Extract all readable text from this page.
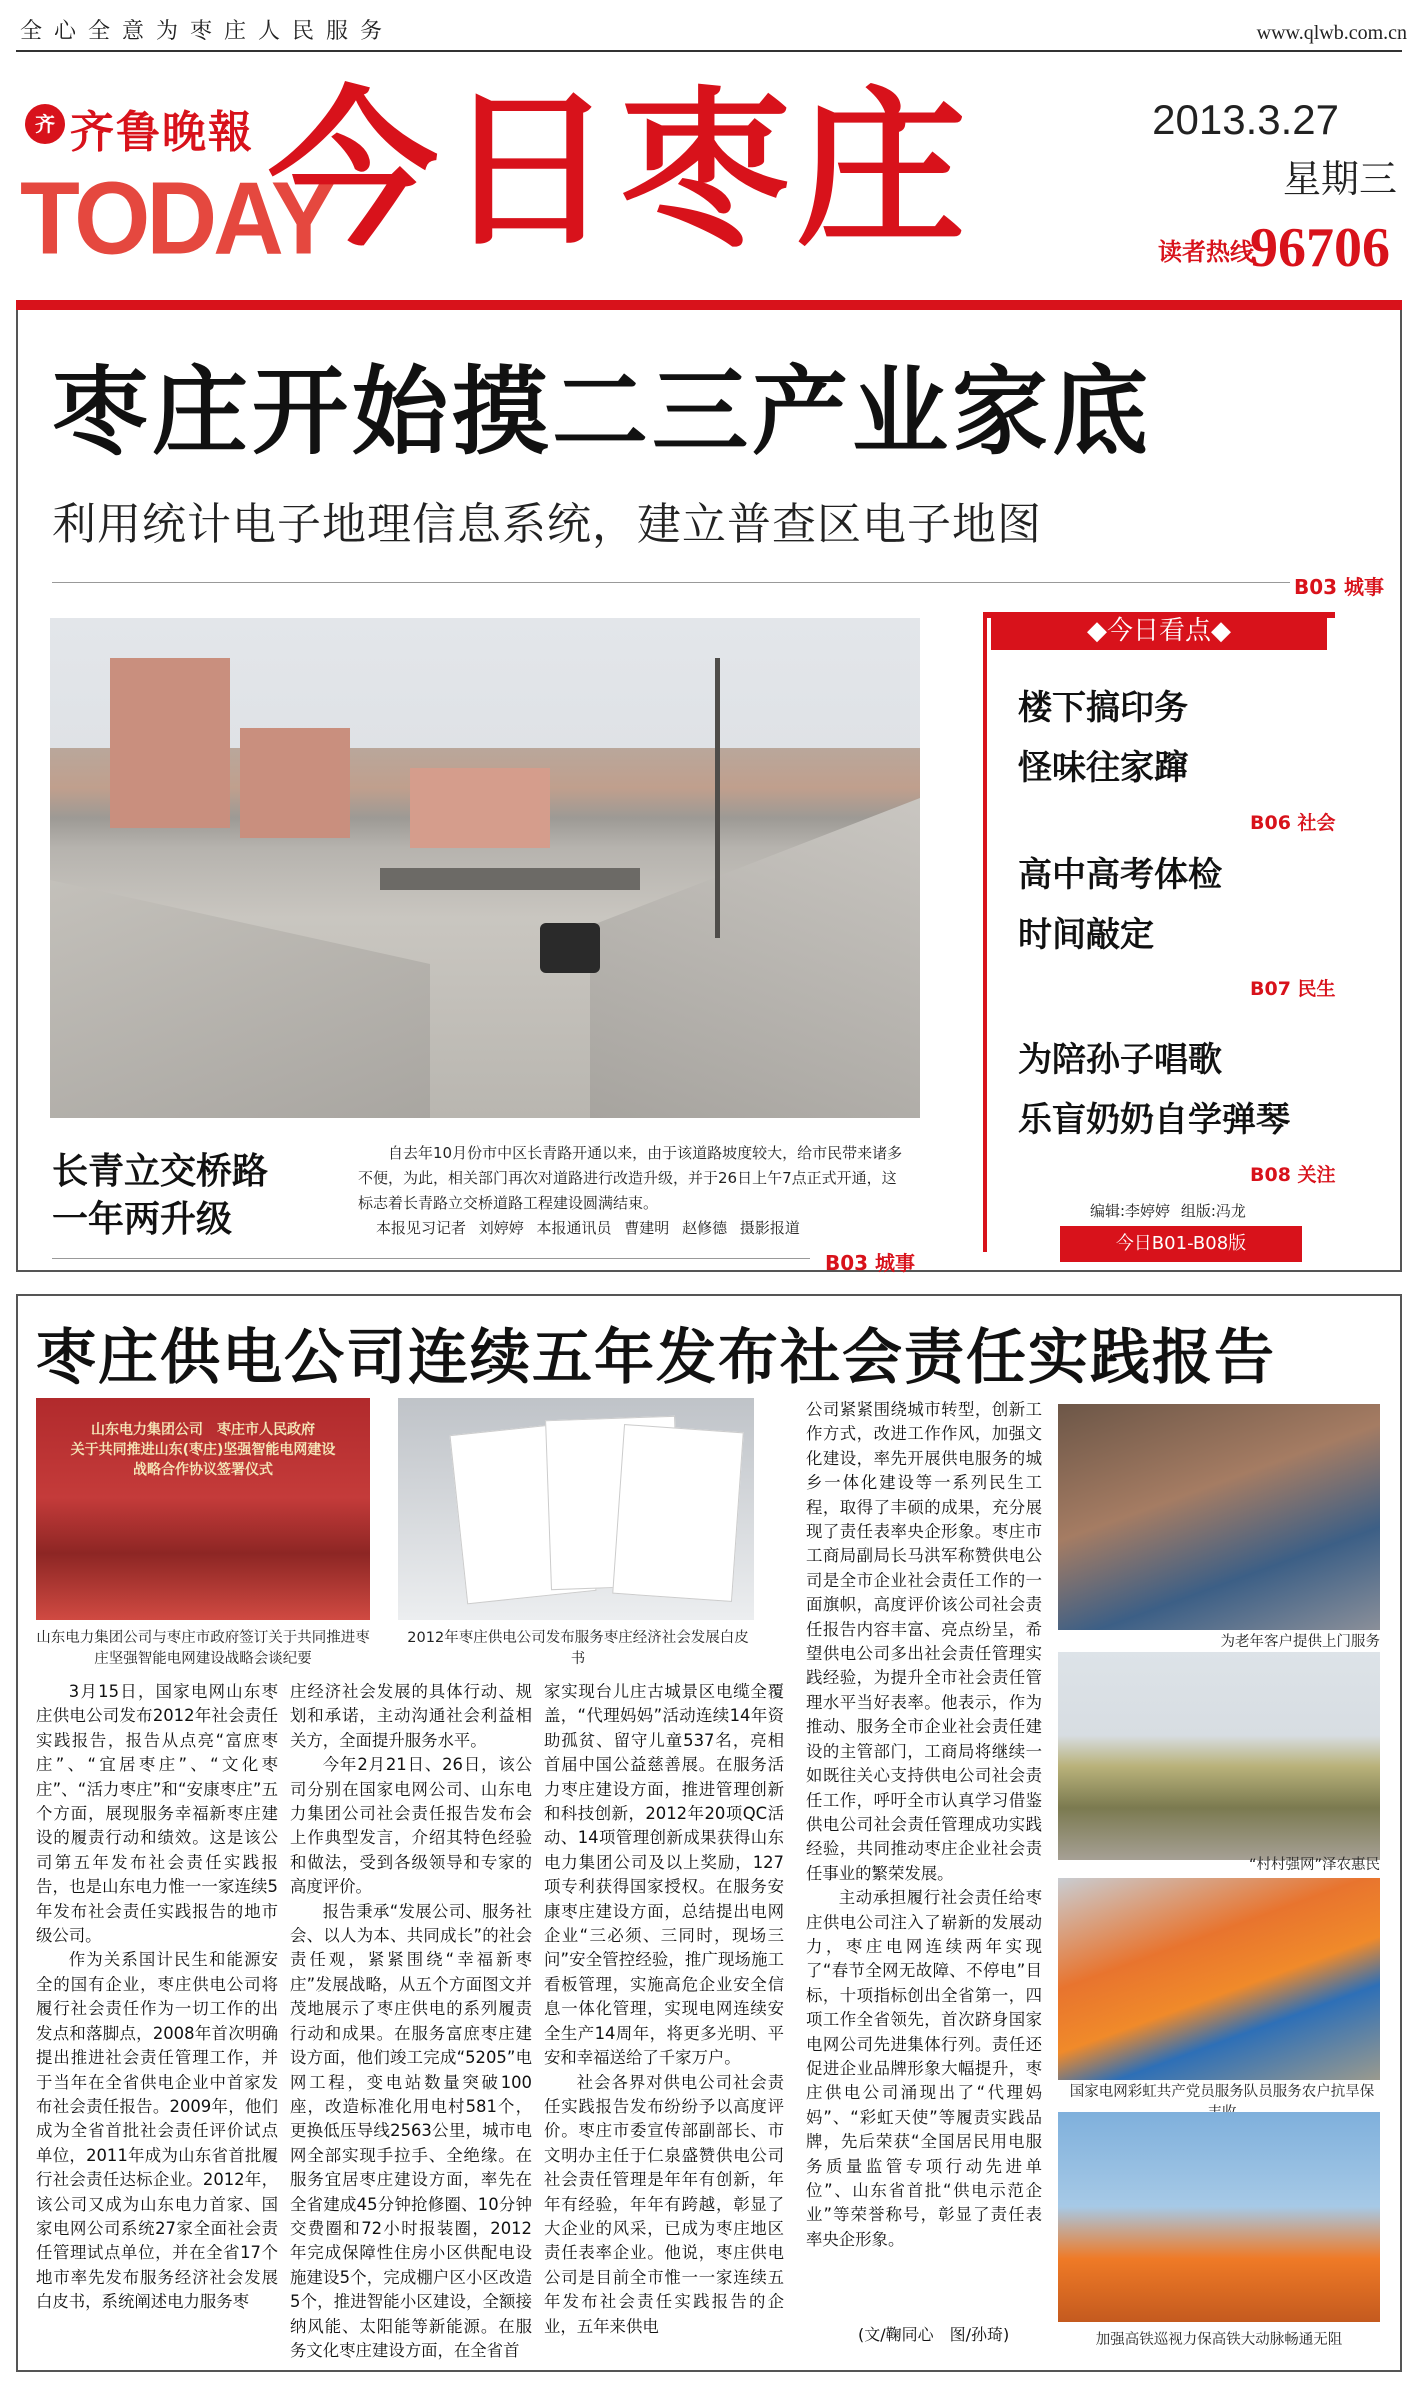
全心全意为枣庄人民服务	www.qlwb.com.cn
齐 齐鲁晚報
TODAY
今日枣庄	2013.3.27
星期三
读者热线
96706
枣庄开始摸二三产业家底
利用统计电子地理信息系统，建立普查区电子地图
B03 城事
长青立交桥路
一年两升级
自去年10月份市中区长青路开通以来，由于该道路坡度较大，给市民带来诸多不便，为此，相关部门再次对道路进行改造升级，并于26日上午7点正式开通，这标志着长青路立交桥道路工程建设圆满结束。
本报见习记者 刘婷婷 本报通讯员 曹建明 赵修德 摄影报道
B03 城事
◆今日看点◆
楼下搞印务
怪味往家蹿
B06 社会
高中高考体检
时间敲定
B07 民生
为陪孙子唱歌
乐盲奶奶自学弹琴
B08 关注
编辑:李婷婷 组版:冯龙
今日B01-B08版
枣庄供电公司连续五年发布社会责任实践报告
山东电力集团公司　枣庄市人民政府
关于共同推进山东(枣庄)坚强智能电网建设
战略合作协议签署仪式
山东电力集团公司与枣庄市政府签订关于共同推进枣庄坚强智能电网建设战略会谈纪要
2012年枣庄供电公司发布服务枣庄经济社会发展白皮书
为老年客户提供上门服务
“村村强网”泽农惠民
国家电网彩虹共产党员服务队员服务农户抗旱保
加强高铁巡视力保高铁大动脉畅通无阻

3月15日，国家电网山东枣庄供电公司发布2012年社会责任实践报告，报告从点亮“富庶枣庄”、“宜居枣庄”、“文化枣庄”、“活力枣庄”和“安康枣庄”五个方面，展现服务幸福新枣庄建设的履责行动和绩效。这是该公司第五年发布社会责任实践报告，也是山东电力惟一一家连续5年发布社会责任实践报告的地市级公司。

作为关系国计民生和能源安全的国有企业，枣庄供电公司将履行社会责任作为一切工作的出发点和落脚点，2008年首次明确提出推进社会责任管理工作，并于当年在全省供电企业中首家发布社会责任报告。2009年，他们成为全省首批社会责任评价试点单位，2011年成为山东省首批履行社会责任达标企业。2012年，该公司又成为山东电力首家、国家电网公司系统27家全面社会责任管理试点单位，并在全省17个地市率先发布服务经济社会发展白皮书，系统阐述电力服务枣

庄经济社会发展的具体行动、规划和承诺，主动沟通社会利益相关方，全面提升服务水平。

今年2月21日、26日，该公司分别在国家电网公司、山东电力集团公司社会责任报告发布会上作典型发言，介绍其特色经验和做法，受到各级领导和专家的高度评价。

报告秉承“发展公司、服务社会、以人为本、共同成长”的社会责任观，紧紧围绕“幸福新枣庄”发展战略，从五个方面图文并茂地展示了枣庄供电的系列履责行动和成果。在服务富庶枣庄建设方面，他们竣工完成“5205”电网工程，变电站数量突破100座，改造标准化用电村581个，更换低压导线2563公里，城市电网全部实现手拉手、全绝缘。在服务宜居枣庄建设方面，率先在全省建成45分钟抢修圈、10分钟交费圈和72小时报装圈，2012年完成保障性住房小区供配电设施建设5个，完成棚户区小区改造5个，推进智能小区建设，全额接纳风能、太阳能等新能源。在服务文化枣庄建设方面，在全省首

家实现台儿庄古城景区电缆全覆盖，“代理妈妈”活动连续14年资助孤贫、留守儿童537名，亮相首届中国公益慈善展。在服务活力枣庄建设方面，推进管理创新和科技创新，2012年20项QC活动、14项管理创新成果获得山东电力集团公司及以上奖励，127项专利获得国家授权。在服务安康枣庄建设方面，总结提出电网企业“三必须、三同时，现场三问”安全管控经验，推广现场施工看板管理，实施高危企业安全信息一体化管理，实现电网连续安全生产14周年，将更多光明、平安和幸福送给了千家万户。

社会各界对供电公司社会责任实践报告发布纷纷予以高度评价。枣庄市委宣传部副部长、市文明办主任于仁泉盛赞供电公司社会责任管理是年年有创新，年年有经验，年年有跨越，彰显了大企业的风采，已成为枣庄地区责任表率企业。他说，枣庄供电公司是目前全市惟一一家连续五年发布社会责任实践报告的企业，五年来供电

公司紧紧围绕城市转型，创新工作方式，改进工作作风，加强文化建设，率先开展供电服务的城乡一体化建设等一系列民生工程，取得了丰硕的成果，充分展现了责任表率央企形象。枣庄市工商局副局长马洪军称赞供电公司是全市企业社会责任工作的一面旗帜，高度评价该公司社会责任报告内容丰富、亮点纷呈，希望供电公司多出社会责任管理实践经验，为提升全市社会责任管理水平当好表率。他表示，作为推动、服务全市企业社会责任建设的主管部门，工商局将继续一如既往关心支持供电公司社会责任工作，呼吁全市认真学习借鉴供电公司社会责任管理成功实践经验，共同推动枣庄企业社会责任事业的繁荣发展。

主动承担履行社会责任给枣庄供电公司注入了崭新的发展动力，枣庄电网连续两年实现了“春节全网无故障、不停电”目标，十项指标创出全省第一，四项工作全省领先，首次跻身国家电网公司先进集体行列。责任还促进企业品牌形象大幅提升，枣庄供电公司涌现出了“代理妈妈”、“彩虹天使”等履责实践品牌，先后荣获“全国居民用电服务质量监管专项行动先进单位”、山东省首批“供电示范企业”等荣誉称号，彰显了责任表率央企形象。

(文/鞠同心　图/孙琦)
